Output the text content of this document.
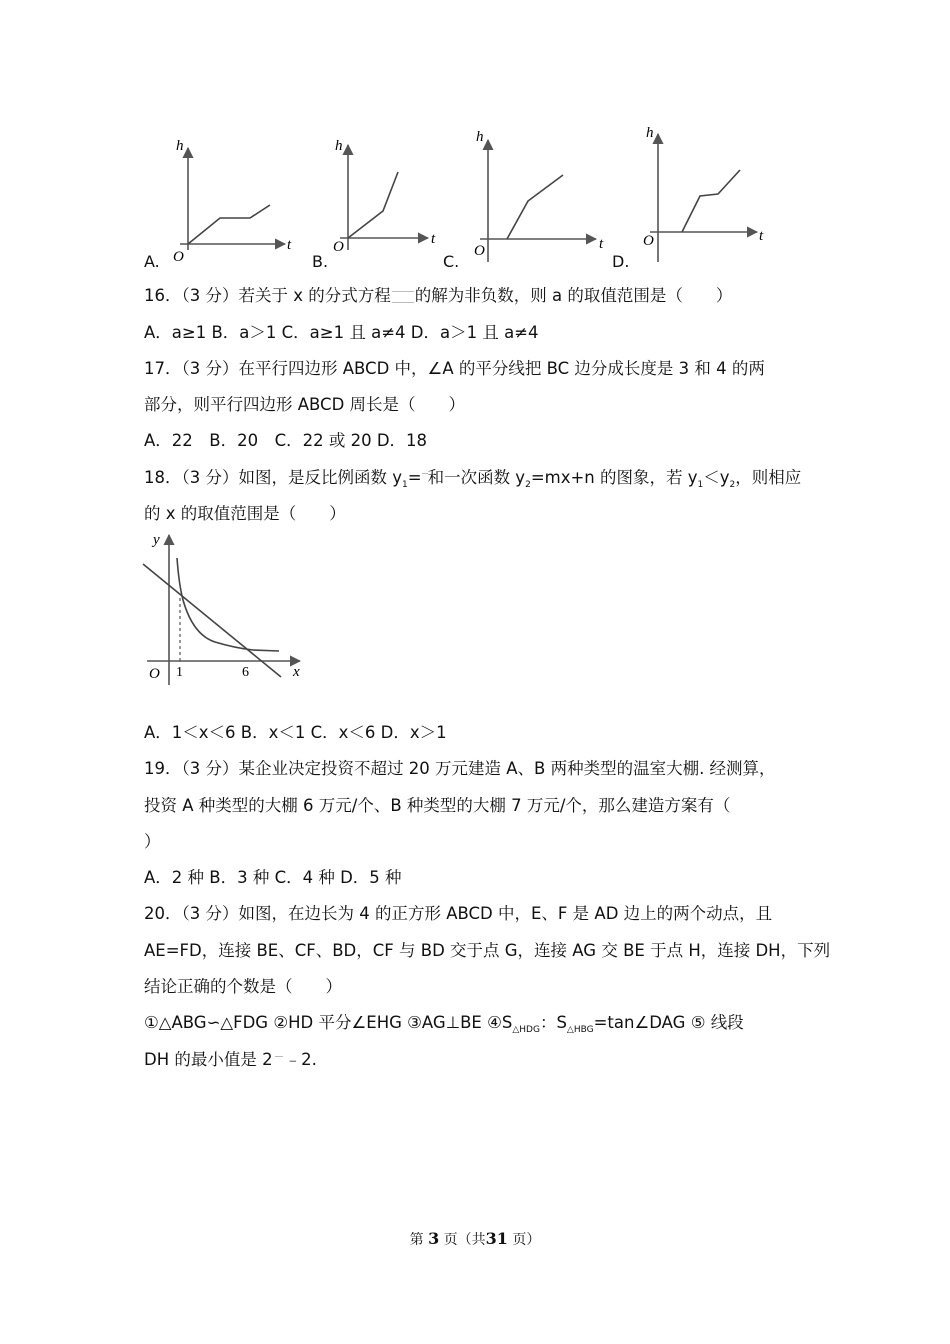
h
t
O
h
t
O
h
t
O
h
t
O
A.	B.	C.	D.
16．（3 分）若关于 x 的分式方程 的解为非负数，则 a 的取值范围是（　　）
A．a≥1 B．a＞1 C．a≥1 且 a≠4 D．a＞1 且 a≠4
17．（3 分）在平行四边形 ABCD 中，∠A 的平分线把 BC 边分成长度是 3 和 4 的两
部分，则平行四边形 ABCD 周长是（　　）
A．22　B．20　C．22 或 20 D．18
18．（3 分）如图，是反比例函数 $y_1=$ 和一次函数 $y_2=mx+n$ 的图象，若 $y_1<y_2$，则相应
的 x 的取值范围是（　　）
y
x
O 1	6
A．1＜x＜6 B．x＜1 C．x＜6 D．x＞1
19．（3 分）某企业决定投资不超过 20 万元建造 A、B 两种类型的温室大棚. 经测算，
投资 A 种类型的大棚 6 万元/个、B 种类型的大棚 7 万元/个，那么建造方案有（
）
A．2 种 B．3 种 C．4 种 D．5 种
20．（3 分）如图，在边长为 4 的正方形 ABCD 中，E、F 是 AD 边上的两个动点，且
AE=FD，连接 BE、CF、BD，CF 与 BD 交于点 G，连接 AG 交 BE 于点 H，连接 DH，下列
结论正确的个数是（　　）
①△ABG∽△FDG ②HD 平分∠EHG ③AG⊥BE $④S_{\triangle HDG}$：$S_{\triangle HBG}=\tan\angle DAG$ ⑤ 线段
DH 的最小值是 2 ﹣2.
第 3 页（共31 页）
